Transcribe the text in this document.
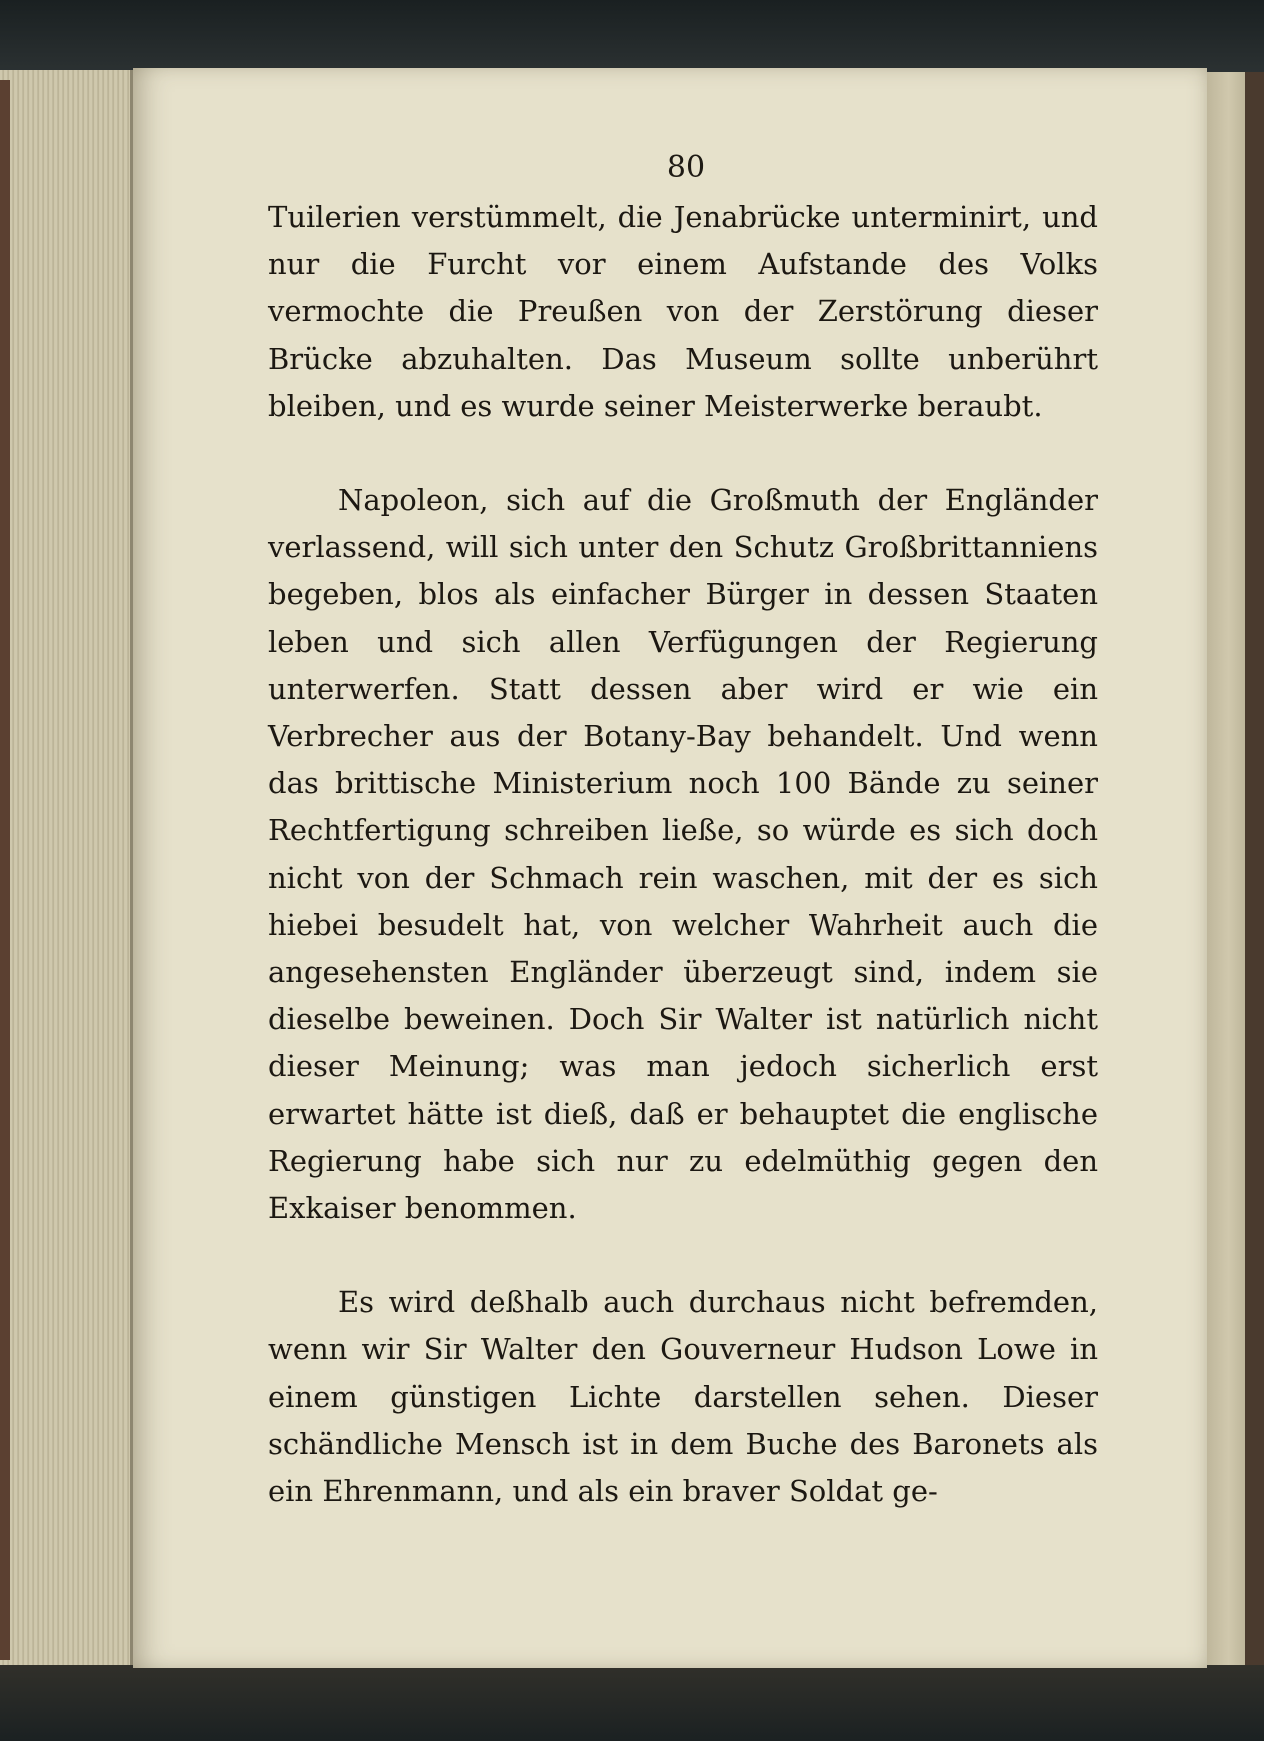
80

Tuilerien verstümmelt, die Jenabrücke unterminirt, und nur die Furcht vor einem Aufstande des Volks vermochte die Preußen von der Zerstörung dieser Brücke abzuhalten. Das Museum sollte unberührt bleiben, und es wurde seiner Meisterwerke beraubt.

Napoleon, sich auf die Großmuth der Engländer verlassend, will sich unter den Schutz Großbrittanniens begeben, blos als einfacher Bürger in dessen Staaten leben und sich allen Verfügungen der Regierung unterwerfen. Statt dessen aber wird er wie ein Verbrecher aus der Botany-Bay behandelt. Und wenn das brittische Ministerium noch 100 Bände zu seiner Rechtfertigung schreiben ließe, so würde es sich doch nicht von der Schmach rein waschen, mit der es sich hiebei besudelt hat, von welcher Wahrheit auch die angesehensten Engländer überzeugt sind, indem sie dieselbe beweinen. Doch Sir Walter ist natürlich nicht dieser Meinung; was man jedoch sicherlich erst erwartet hätte ist dieß, daß er behauptet die englische Regierung habe sich nur zu edelmüthig gegen den Exkaiser benommen.

Es wird deßhalb auch durchaus nicht befremden, wenn wir Sir Walter den Gouverneur Hudson Lowe in einem günstigen Lichte darstellen sehen. Dieser schändliche Mensch ist in dem Buche des Baronets als ein Ehrenmann, und als ein braver Soldat ge-
